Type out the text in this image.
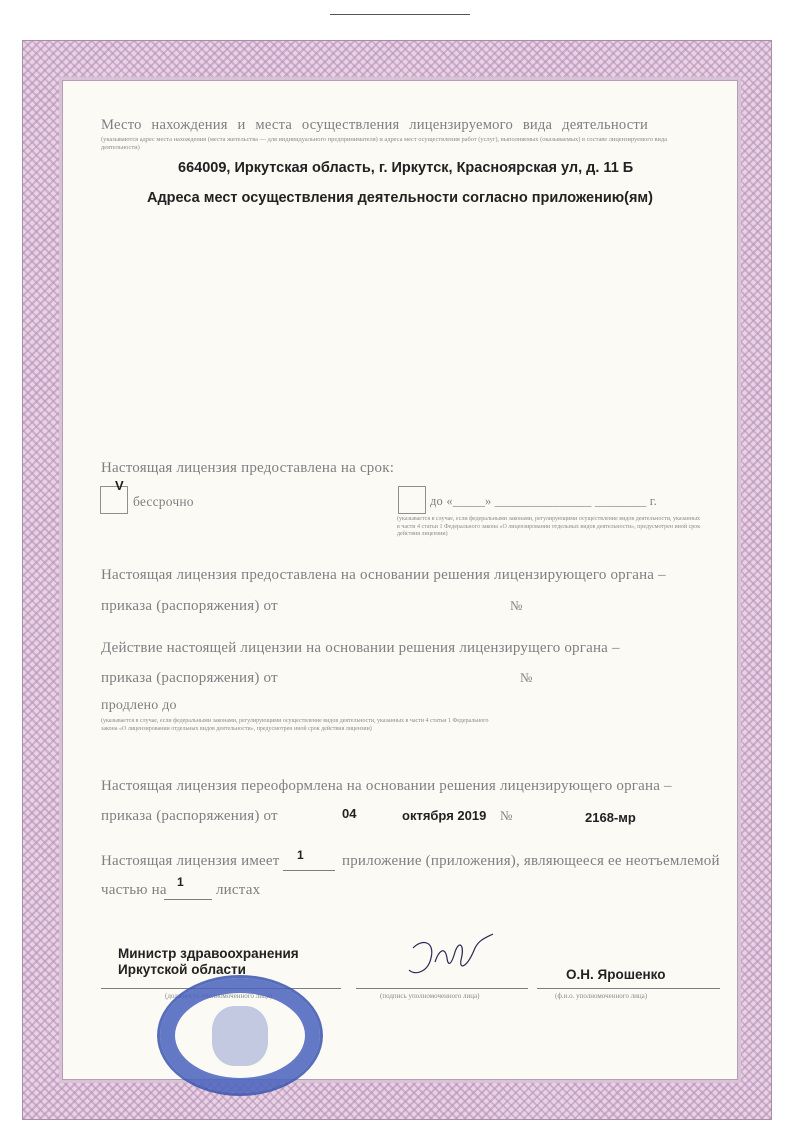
Место нахождения и места осуществления лицензируемого вида деятельности

(указываются адрес места нахождения (места жительства — для индивидуального предпринимателя) и адреса мест осуществления работ (услуг), выполняемых (оказываемых) в составе лицензируемого вида деятельности)

664009, Иркутская область, г. Иркутск, Красноярская ул, д. 11 Б

Адреса мест осуществления деятельности согласно приложению(ям)

Настоящая лицензия предоставлена на срок:

V

бессрочно	до «_____» _______________ ________ г.

(указывается в случае, если федеральными законами, регулирующими осуществление видов деятельности, указанных в части 4 статьи 1 Федерального закона «О лицензировании отдельных видов деятельности», предусмотрен иной срок действия лицензии)

Настоящая лицензия предоставлена на основании решения лицензирующего органа –

приказа (распоряжения) от	№

Действие настоящей лицензии на основании решения лицензирущего органа –

приказа (распоряжения) от	№

продлено до

(указывается в случае, если федеральными законами, регулирующими осуществление видов деятельности, указанных в части 4 статьи 1 Федерального закона «О лицензировании отдельных видов деятельности», предусмотрен иной срок действия лицензии)

Настоящая лицензия переоформлена на основании решения лицензирующего органа –

приказа (распоряжения) от	04	октября 2019 №	2168-мр

Настоящая лицензия имеет 1	приложение (приложения), являющееся ее неотъемлемой

частью на 1 листах

Министр здравоохранения

Иркутской области

(должность уполномоченного лица)	(подпись уполномоченного лица)

О.Н. Ярошенко

(ф.и.о. уполномоченного лица)
